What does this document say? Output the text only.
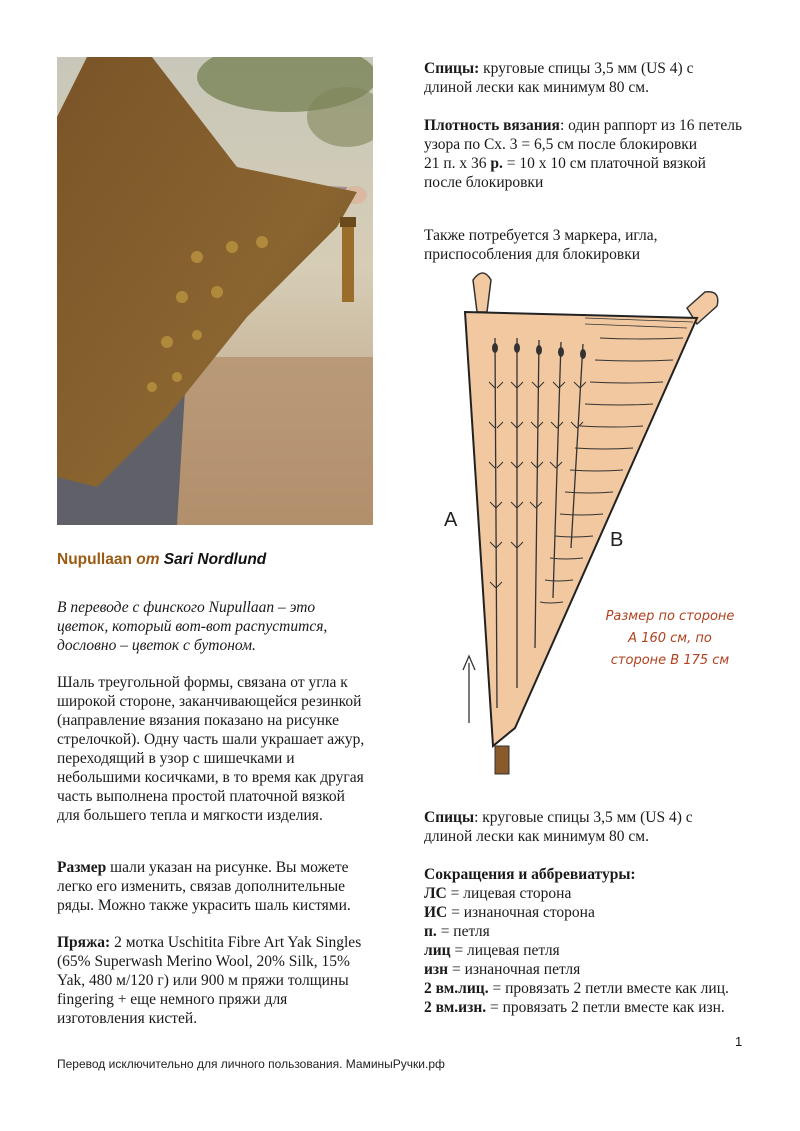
Nupullaan от Sari Nordlund

В переводе с финского Nupullaan – это цветок, который вот-вот распустится, дословно – цветок с бутоном.

Шаль треугольной формы, связана от угла к широкой стороне, заканчивающейся резинкой (направление вязания показано на рисунке стрелочкой). Одну часть шали украшает ажур, переходящий в узор с шишечками и небольшими косичками, в то время как другая часть выполнена простой платочной вязкой для большего тепла и мягкости изделия.

Размер шали указан на рисунке. Вы можете легко его изменить, связав дополнительные ряды. Можно также украсить шаль кистями.

Пряжа: 2 мотка Uschitita Fibre Art Yak Singles (65% Superwash Merino Wool, 20% Silk, 15% Yak, 480 м/120 г) или 900 м пряжи толщины fingering + еще немного пряжи для изготовления кистей.

Спицы: круговые спицы 3,5 мм (US 4) с длиной лески как минимум 80 см.

Плотность вязания: один раппорт из 16 петель узора по Сх. 3 = 6,5 см после блокировки
21 п. х 36 р. = 10 х 10 см платочной вязкой после блокировки

Также потребуется 3 маркера, игла, приспособления для блокировки

A
B
Размер по стороне
А 160 см, по
стороне В 175 см

Спицы: круговые спицы 3,5 мм (US 4) с длиной лески как минимум 80 см.

Сокращения и аббревиатуры:
ЛС = лицевая сторона
ИС = изнаночная сторона
п. = петля
лиц = лицевая петля
изн = изнаночная петля
2 вм.лиц. = провязать 2 петли вместе как лиц.
2 вм.изн. = провязать 2 петли вместе как изн.
1
Перевод исключительно для личного пользования. МаминыРучки.рф
